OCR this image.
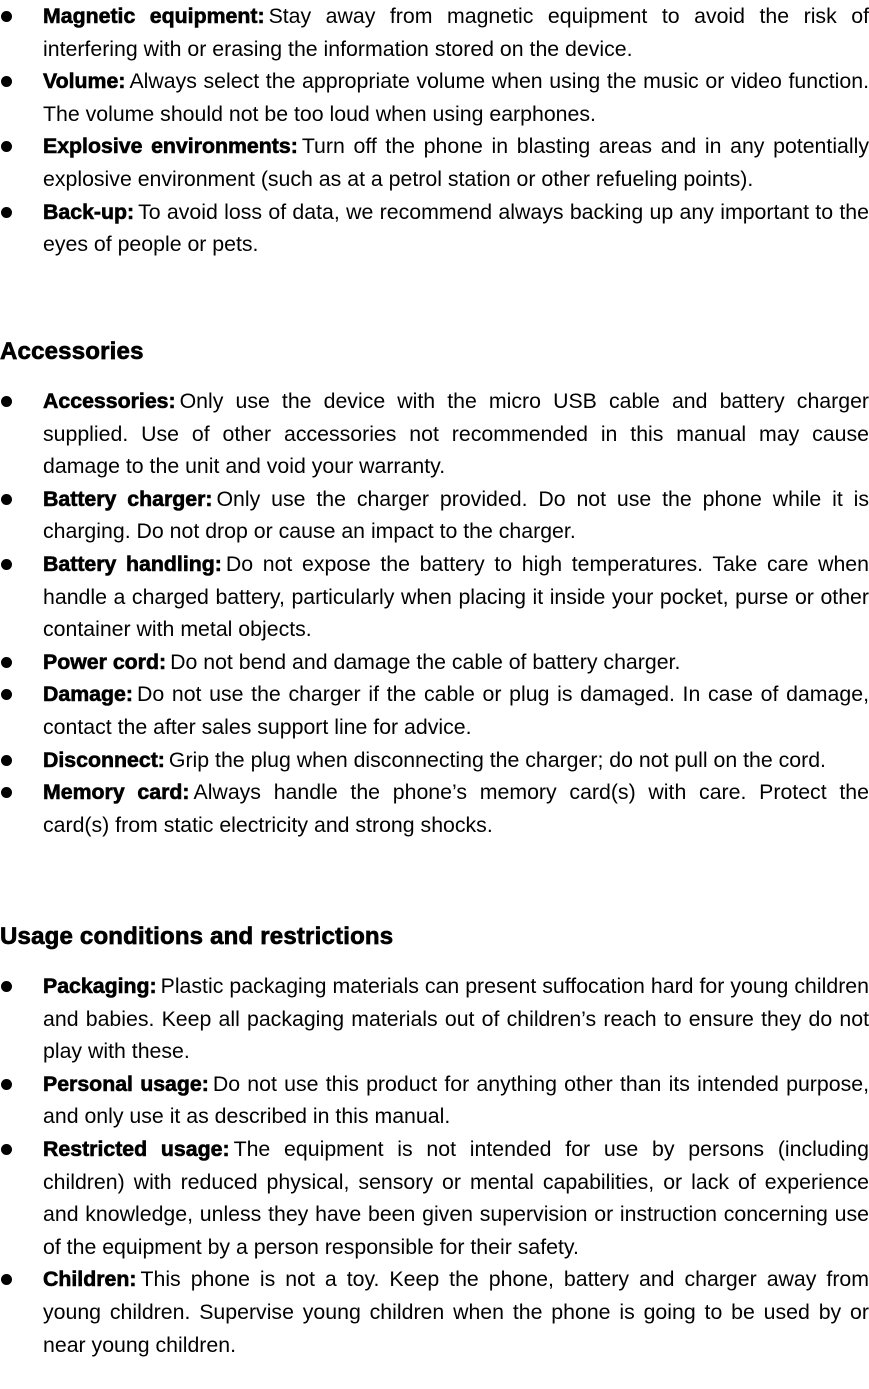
Magnetic equipment: Stay away from magnetic equipment to avoid the risk of interfering with or erasing the information stored on the device.
Volume: Always select the appropriate volume when using the music or video function. The volume should not be too loud when using earphones.
Explosive environments: Turn off the phone in blasting areas and in any potentially explosive environment (such as at a petrol station or other refueling points).
Back-up: To avoid loss of data, we recommend always backing up any important to the eyes of people or pets.
Accessories
Accessories: Only use the device with the micro USB cable and battery charger supplied. Use of other accessories not recommended in this manual may cause damage to the unit and void your warranty.
Battery charger: Only use the charger provided. Do not use the phone while it is charging. Do not drop or cause an impact to the charger.
Battery handling: Do not expose the battery to high temperatures. Take care when handle a charged battery, particularly when placing it inside your pocket, purse or other container with metal objects.
Power cord: Do not bend and damage the cable of battery charger.
Damage: Do not use the charger if the cable or plug is damaged. In case of damage, contact the after sales support line for advice.
Disconnect: Grip the plug when disconnecting the charger; do not pull on the cord.
Memory card: Always handle the phone’s memory card(s) with care. Protect the card(s) from static electricity and strong shocks.
Usage conditions and restrictions
Packaging: Plastic packaging materials can present suffocation hard for young children and babies. Keep all packaging materials out of children’s reach to ensure they do not play with these.
Personal usage: Do not use this product for anything other than its intended purpose, and only use it as described in this manual.
Restricted usage: The equipment is not intended for use by persons (including children) with reduced physical, sensory or mental capabilities, or lack of experience and knowledge, unless they have been given supervision or instruction concerning use of the equipment by a person responsible for their safety.
Children: This phone is not a toy. Keep the phone, battery and charger away from young children. Supervise young children when the phone is going to be used by or near young children.
